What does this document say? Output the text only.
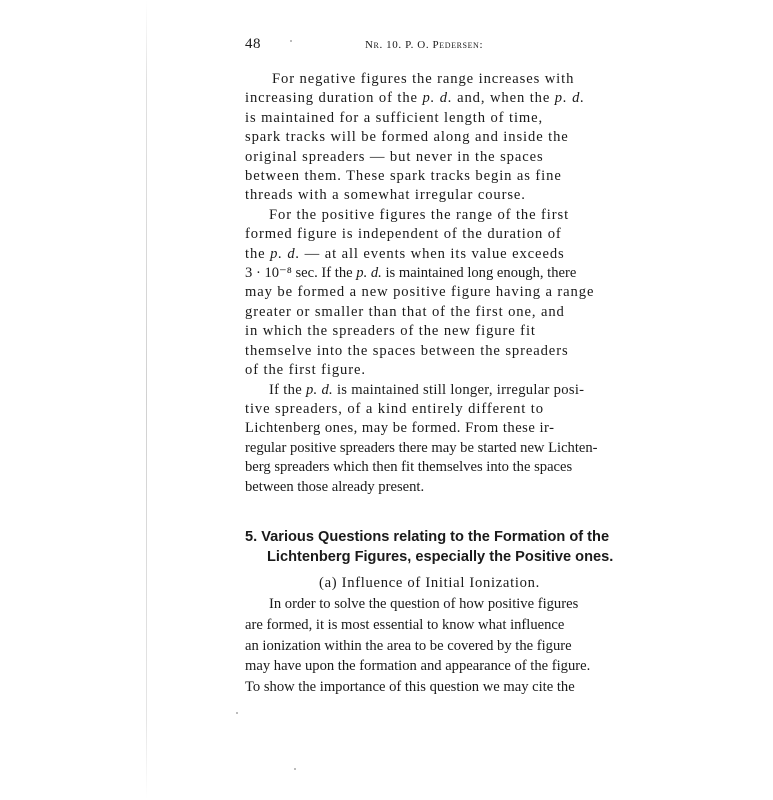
48	Nr. 10. P. O. Pedersen:

For negative figures the range increases with
increasing duration of the p. d. and, when the p. d.
is maintained for a sufficient length of time,
spark tracks will be formed along and inside the
original spreaders — but never in the spaces
between them. These spark tracks begin as fine
threads with a somewhat irregular course.

For the positive figures the range of the first
formed figure is independent of the duration of
the p. d. — at all events when its value exceeds
3 · 10⁻⁸ sec. If the p. d. is maintained long enough, there
may be formed a new positive figure having a range
greater or smaller than that of the first one, and
in which the spreaders of the new figure fit
themselve into the spaces between the spreaders
of the first figure.

If the p. d. is maintained still longer, irregular posi-
tive spreaders, of a kind entirely different to
Lichtenberg ones, may be formed. From these ir-
regular positive spreaders there may be started new Lichten-
berg spreaders which then fit themselves into the spaces
between those already present.

5. Various Questions relating to the Formation of the
Lichtenberg Figures, especially the Positive ones.

(a) Influence of Initial Ionization.

In order to solve the question of how positive figures
are formed, it is most essential to know what influence
an ionization within the area to be covered by the figure
may have upon the formation and appearance of the figure.
To show the importance of this question we may cite the
